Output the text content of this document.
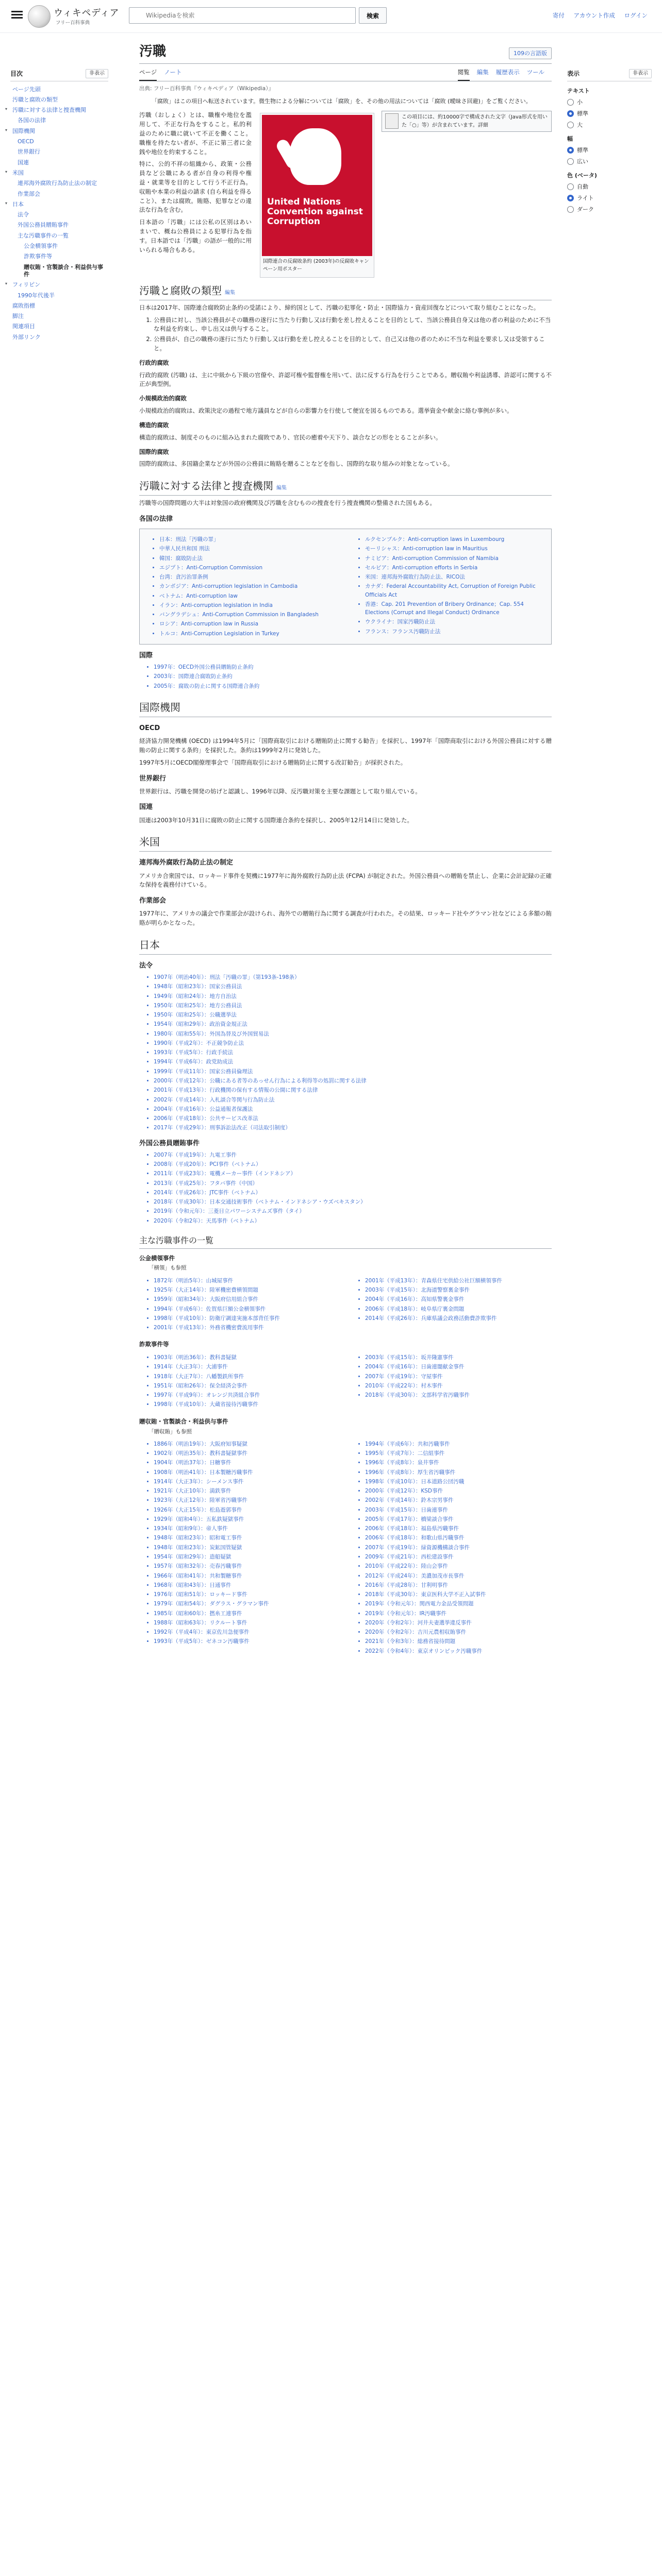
ウィキペディア
フリー百科事典
Wikipediaを検索
検索	寄付 アカウント作成 ログイン
目次	非表示
ページ先頭
汚職と腐敗の類型
▾ 汚職に対する法律と捜査機関
各国の法律
▾ 国際機関
OECD
世界銀行
国連
▾ 米国
連邦海外腐敗行為防止法の制定
作業部会
▾ 日本
法令
外国公務員贈賄事件
主な汚職事件の一覧
公金横領事件
詐欺事件等
贈収賄・官製談合・利益供与事件
▾ フィリピン
1990年代後半
腐敗指標
脚注
関連項目
外部リンク
表示	非表示
テキスト
小
標準
大
幅
標準
広い
色 (ベータ)
自動
ライト
ダーク
汚職	109の言語版
ページ ノート	閲覧 編集 履歴表示 ツール
出典: フリー百科事典『ウィキペディア（Wikipedia）』
「腐敗」はこの項目へ転送されています。微生物による分解については「腐敗」を、その他の用法については「腐敗 (曖昧さ回避)」をご覧ください。
この項目には、約10000字で構成された文字（Java形式を用いた「○」等）が含まれています。詳細
United Nations Convention against Corruption
国際連合の反腐敗条約 (2003年)の反腐敗キャンペーン用ポスター

汚職（おしょく）とは、職権や地位を濫用して、不正な行為をすること。私的利益のために職に就いて不正を働くこと。職権を持たない者が、不正に第三者に金銭や地位を約束すること。

特に、公的不祥の組織から、政策・公務員など公職にある者が自身の利得や権益・就業等を目的として行う不正行為。収賄や本業の利益の請求 (自ら利益を得ること）、または腐敗。賄賂、犯罪などの違法な行為を含む。

日本語の「汚職」には公私の区別はあいまいで、概ね公務員による犯罪行為を指す。日本語では「汚職」の語が一般的に用いられる場合もある。

汚職と腐敗の類型 編集

日本は2017年、国際連合腐敗防止条約の受諾により、締約国として、汚職の犯罪化・防止・国際協力・資産回復などについて取り組むことになった。

1. 公務員に対し、当該公務員がその職務の遂行に当たり行動し又は行動を差し控えることを目的として、当該公務員自身又は他の者の利益のために不当な利益を約束し、申し出又は供与すること。
2. 公務員が、自己の職務の遂行に当たり行動し又は行動を差し控えることを目的として、自己又は他の者のために不当な利益を要求し又は受領すること。
行政的腐敗

行政的腐敗 (汚職) は、主に中級から下級の官僚や、許認可権や監督権を用いて、法に反する行為を行うことである。贈収賄や利益誘導、許認可に関する不正が典型例。

小規模政治的腐敗

小規模政治的腐敗は、政策決定の過程で地方議員などが自らの影響力を行使して便宜を図るものである。選挙資金や献金に絡む事例が多い。

構造的腐敗

構造的腐敗は、制度そのものに組み込まれた腐敗であり、官民の癒着や天下り、談合などの形をとることが多い。

国際的腐敗

国際的腐敗は、多国籍企業などが外国の公務員に賄賂を贈ることなどを指し、国際的な取り組みの対象となっている。

汚職に対する法律と捜査機関 編集

汚職等の国際問題の大半は対象国の政府機関及び汚職を含むものの捜査を行う捜査機関の整備された国もある。

各国の法律
• 日本：刑法「汚職の罪」
• 中華人民共和国 刑法
• 韓国：腐敗防止法
• エジプト：Anti-Corruption Commission
• 台湾：貪污治罪条例
• カンボジア：Anti-corruption legislation in Cambodia
• ベトナム：Anti-corruption law
• イラン：Anti-corruption legislation in India
• バングラデシュ：Anti-Corruption Commission in Bangladesh
• ロシア：Anti-corruption law in Russia
• トルコ：Anti-Corruption Legislation in Turkey
• ルクセンブルク：Anti-corruption laws in Luxembourg
• モーリシャス：Anti-corruption law in Mauritius
• ナミビア：Anti-corruption Commission of Namibia
• セルビア：Anti-corruption efforts in Serbia
• 米国：連邦海外腐敗行為防止法、RICO法
• カナダ：Federal Accountability Act, Corruption of Foreign Public Officials Act
• 香港：Cap. 201 Prevention of Bribery Ordinance；Cap. 554 Elections (Corrupt and Illegal Conduct) Ordinance
• ウクライナ：国家汚職防止法
• フランス：フランス汚職防止法
国際
• 1997年：OECD外国公務員贈賄防止条約
• 2003年：国際連合腐敗防止条約
• 2005年：腐敗の防止に関する国際連合条約
国際機関
OECD

経済協力開発機構 (OECD) は1994年5月に「国際商取引における贈賄防止に関する勧告」を採択し、1997年「国際商取引における外国公務員に対する贈賄の防止に関する条約」を採択した。条約は1999年2月に発効した。

1997年5月にOECD閣僚理事会で「国際商取引における贈賄防止に関する改訂勧告」が採択された。

世界銀行

世界銀行は、汚職を開発の妨げと認識し、1996年以降、反汚職対策を主要な課題として取り組んでいる。

国連

国連は2003年10月31日に腐敗の防止に関する国際連合条約を採択し、2005年12月14日に発効した。

米国
連邦海外腐敗行為防止法の制定

アメリカ合衆国では、ロッキード事件を契機に1977年に海外腐敗行為防止法 (FCPA) が制定された。外国公務員への贈賄を禁止し、企業に会計記録の正確な保持を義務付けている。

作業部会

1977年に、アメリカの議会で作業部会が設けられ、海外での贈賄行為に関する調査が行われた。その結果、ロッキード社やグラマン社などによる多額の賄賂が明らかとなった。

日本
法令
• 1907年（明治40年）：刑法「汚職の罪」（第193条-198条）
• 1948年（昭和23年）：国家公務員法
• 1949年（昭和24年）：地方自治法
• 1950年（昭和25年）：地方公務員法
• 1950年（昭和25年）：公職選挙法
• 1954年（昭和29年）：政治資金規正法
• 1980年（昭和55年）：外国為替及び外国貿易法
• 1990年（平成2年）：不正競争防止法
• 1993年（平成5年）：行政手続法
• 1994年（平成6年）：政党助成法
• 1999年（平成11年）：国家公務員倫理法
• 2000年（平成12年）：公職にある者等のあっせん行為による利得等の処罰に関する法律
• 2001年（平成13年）：行政機関の保有する情報の公開に関する法律
• 2002年（平成14年）：入札談合等関与行為防止法
• 2004年（平成16年）：公益通報者保護法
• 2006年（平成18年）：公共サービス改革法
• 2017年（平成29年）：刑事訴訟法改正（司法取引制度）
外国公務員贈賄事件
• 2007年（平成19年）：九電工事件
• 2008年（平成20年）：PCI事件（ベトナム）
• 2011年（平成23年）：電機メーカー事件（インドネシア）
• 2013年（平成25年）：フタバ事件（中国）
• 2014年（平成26年）：JTC事件（ベトナム）
• 2018年（平成30年）：日本交通技術事件（ベトナム・インドネシア・ウズベキスタン）
• 2019年（令和元年）：三菱日立パワーシステムズ事件（タイ）
• 2020年（令和2年）：天馬事件（ベトナム）
主な汚職事件の一覧
公金横領事件
「横領」も参照
• 1872年（明治5年）：山城屋事件
• 1925年（大正14年）：陸軍機密費横領問題
• 1959年（昭和34年）：大阪府信用組合事件
• 1994年（平成6年）：佐賀県巨額公金横領事件
• 1998年（平成10年）：防衛庁調達実施本部背任事件
• 2001年（平成13年）：外務省機密費流用事件
• 2001年（平成13年）：青森県住宅供給公社巨額横領事件
• 2003年（平成15年）：北海道警察裏金事件
• 2004年（平成16年）：高知県警裏金事件
• 2006年（平成18年）：岐阜県庁裏金問題
• 2014年（平成26年）：兵庫県議会政務活動費詐欺事件
詐欺事件等
• 1903年（明治36年）：教科書疑獄
• 1914年（大正3年）：大浦事件
• 1918年（大正7年）：八幡製鉄所事件
• 1951年（昭和26年）：保全経済会事件
• 1997年（平成9年）：オレンジ共済組合事件
• 1998年（平成10年）：大蔵省接待汚職事件
• 2003年（平成15年）：坂井隆憲事件
• 2004年（平成16年）：日歯連闇献金事件
• 2007年（平成19年）：守屋事件
• 2010年（平成22年）：村木事件
• 2018年（平成30年）：文部科学省汚職事件
贈収賄・官製談合・利益供与事件
「贈収賄」も参照
• 1886年（明治19年）：大阪府知事疑獄
• 1902年（明治35年）：教科書疑獄事件
• 1904年（明治37年）：日糖事件
• 1908年（明治41年）：日本製糖汚職事件
• 1914年（大正3年）：シーメンス事件
• 1921年（大正10年）：満鉄事件
• 1923年（大正12年）：陸軍省汚職事件
• 1926年（大正15年）：松島遊郭事件
• 1929年（昭和4年）：五私鉄疑獄事件
• 1934年（昭和9年）：帝人事件
• 1948年（昭和23年）：昭和電工事件
• 1948年（昭和23年）：炭鉱国管疑獄
• 1954年（昭和29年）：造船疑獄
• 1957年（昭和32年）：売春汚職事件
• 1966年（昭和41年）：共和製糖事件
• 1968年（昭和43年）：日通事件
• 1976年（昭和51年）：ロッキード事件
• 1979年（昭和54年）：ダグラス・グラマン事件
• 1985年（昭和60年）：撚糸工連事件
• 1988年（昭和63年）：リクルート事件
• 1992年（平成4年）：東京佐川急便事件
• 1993年（平成5年）：ゼネコン汚職事件
• 1994年（平成6年）：共和汚職事件
• 1995年（平成7年）：二信組事件
• 1996年（平成8年）：泉井事件
• 1996年（平成8年）：厚生省汚職事件
• 1998年（平成10年）：日本道路公団汚職
• 2000年（平成12年）：KSD事件
• 2002年（平成14年）：鈴木宗男事件
• 2003年（平成15年）：日歯連事件
• 2005年（平成17年）：橋梁談合事件
• 2006年（平成18年）：福島県汚職事件
• 2006年（平成18年）：和歌山県汚職事件
• 2007年（平成19年）：緑資源機構談合事件
• 2009年（平成21年）：西松建設事件
• 2010年（平成22年）：陸山会事件
• 2012年（平成24年）：美濃加茂市長事件
• 2016年（平成28年）：甘利明事件
• 2018年（平成30年）：東京医科大学不正入試事件
• 2019年（令和元年）：関西電力金品受領問題
• 2019年（令和元年）：IR汚職事件
• 2020年（令和2年）：河井夫妻選挙違反事件
• 2020年（令和2年）：吉川元農相収賄事件
• 2021年（令和3年）：総務省接待問題
• 2022年（令和4年）：東京オリンピック汚職事件
